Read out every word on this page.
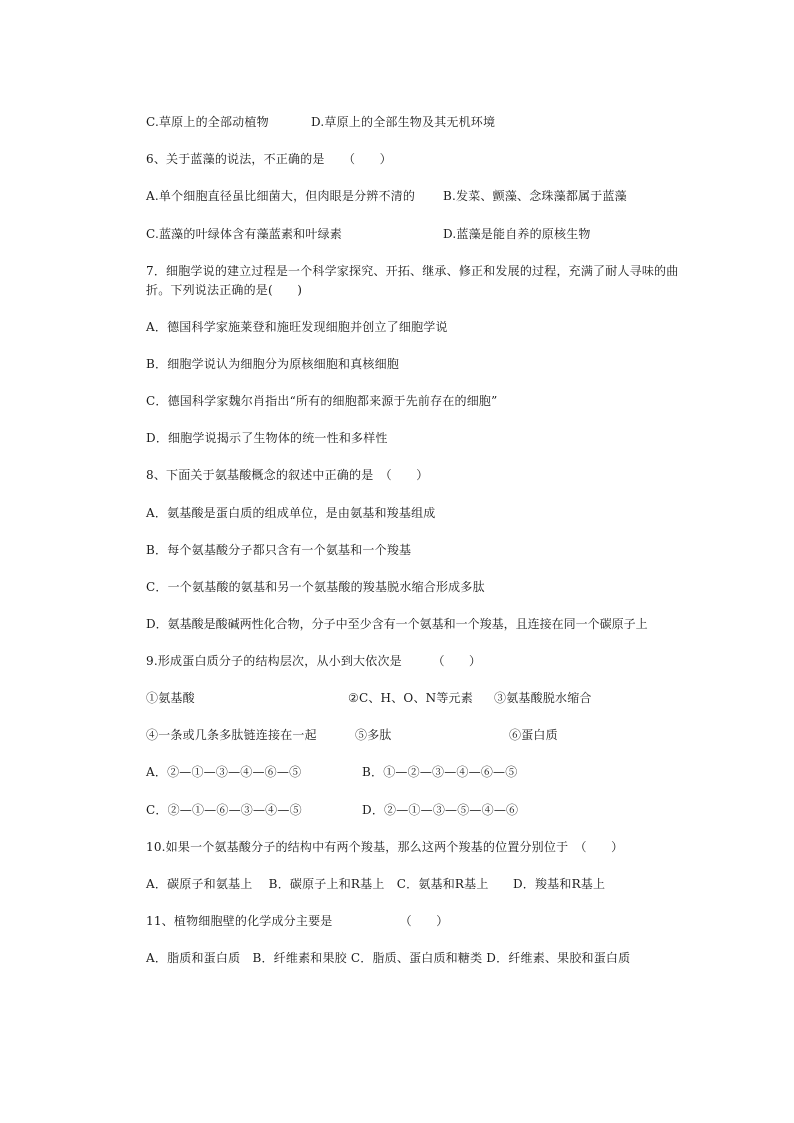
C.草原上的全部动植物	D.草原上的全部生物及其无机环境
6、关于蓝藻的说法，不正确的是　　（　　）
A.单个细胞直径虽比细菌大，但肉眼是分辨不清的 B.发菜、颤藻、念珠藻都属于蓝藻
C.蓝藻的叶绿体含有藻蓝素和叶绿素	D.蓝藻是能自养的原核生物
7．细胞学说的建立过程是一个科学家探究、开拓、继承、修正和发展的过程，充满了耐人寻味的曲折。下列说法正确的是(　　)
A．德国科学家施莱登和施旺发现细胞并创立了细胞学说
B．细胞学说认为细胞分为原核细胞和真核细胞
C．德国科学家魏尔肖指出“所有的细胞都来源于先前存在的细胞”
D．细胞学说揭示了生物体的统一性和多样性
8、下面关于氨基酸概念的叙述中正确的是　（　　）
A．氨基酸是蛋白质的组成单位，是由氨基和羧基组成
B．每个氨基酸分子都只含有一个氨基和一个羧基
C．一个氨基酸的氨基和另一个氨基酸的羧基脱水缩合形成多肽
D．氨基酸是酸碱两性化合物，分子中至少含有一个氨基和一个羧基，且连接在同一个碳原子上
9.形成蛋白质分子的结构层次，从小到大依次是　　　（　　）
①氨基酸	②C、H、O、N等元素 ③氨基酸脱水缩合
④一条或几条多肽链连接在一起	⑤多肽	⑥蛋白质
A．②—①—③—④—⑥—⑤	B．①—②—③—④—⑥—⑤
C．②—①—⑥—③—④—⑤	D．②—①—③—⑤—④—⑥
10.如果一个氨基酸分子的结构中有两个羧基，那么这两个羧基的位置分别位于　（　　）
A．碳原子和氨基上　 B．碳原子上和R基上　C．氨基和R基上　　D．羧基和R基上
11、植物细胞壁的化学成分主要是　　　　　　（　　）
A．脂质和蛋白质　B．纤维素和果胶 C．脂质、蛋白质和糖类 D．纤维素、果胶和蛋白质
